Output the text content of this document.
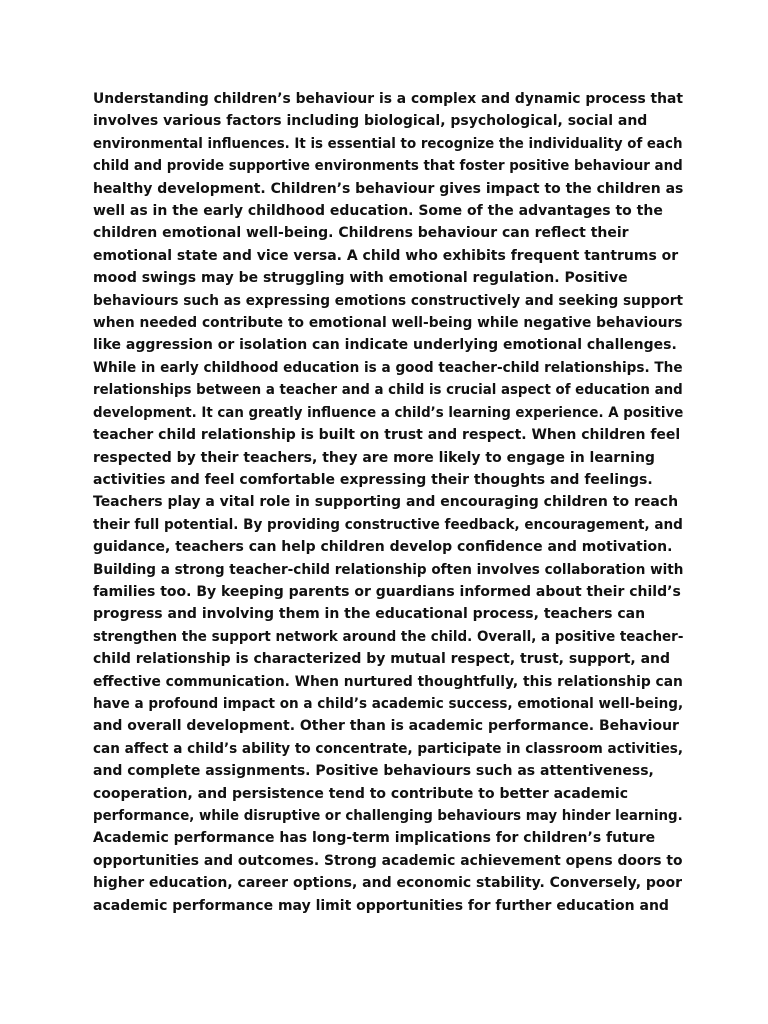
Understanding children’s behaviour is a complex and dynamic process that
involves various factors including biological, psychological, social and
environmental influences. It is essential to recognize the individuality of each
child and provide supportive environments that foster positive behaviour and
healthy development. Children’s behaviour gives impact to the children as
well as in the early childhood education. Some of the advantages to the
children emotional well-being. Childrens behaviour can reflect their
emotional state and vice versa. A child who exhibits frequent tantrums or
mood swings may be struggling with emotional regulation. Positive
behaviours such as expressing emotions constructively and seeking support
when needed contribute to emotional well-being while negative behaviours
like aggression or isolation can indicate underlying emotional challenges.
While in early childhood education is a good teacher-child relationships. The
relationships between a teacher and a child is crucial aspect of education and
development. It can greatly influence a child’s learning experience. A positive
teacher child relationship is built on trust and respect. When children feel
respected by their teachers, they are more likely to engage in learning
activities and feel comfortable expressing their thoughts and feelings.
Teachers play a vital role in supporting and encouraging children to reach
their full potential. By providing constructive feedback, encouragement, and
guidance, teachers can help children develop confidence and motivation.
Building a strong teacher-child relationship often involves collaboration with
families too. By keeping parents or guardians informed about their child’s
progress and involving them in the educational process, teachers can
strengthen the support network around the child. Overall, a positive teacher-
child relationship is characterized by mutual respect, trust, support, and
effective communication. When nurtured thoughtfully, this relationship can
have a profound impact on a child’s academic success, emotional well-being,
and overall development. Other than is academic performance. Behaviour
can affect a child’s ability to concentrate, participate in classroom activities,
and complete assignments. Positive behaviours such as attentiveness,
cooperation, and persistence tend to contribute to better academic
performance, while disruptive or challenging behaviours may hinder learning.
Academic performance has long-term implications for children’s future
opportunities and outcomes. Strong academic achievement opens doors to
higher education, career options, and economic stability. Conversely, poor
academic performance may limit opportunities for further education and
